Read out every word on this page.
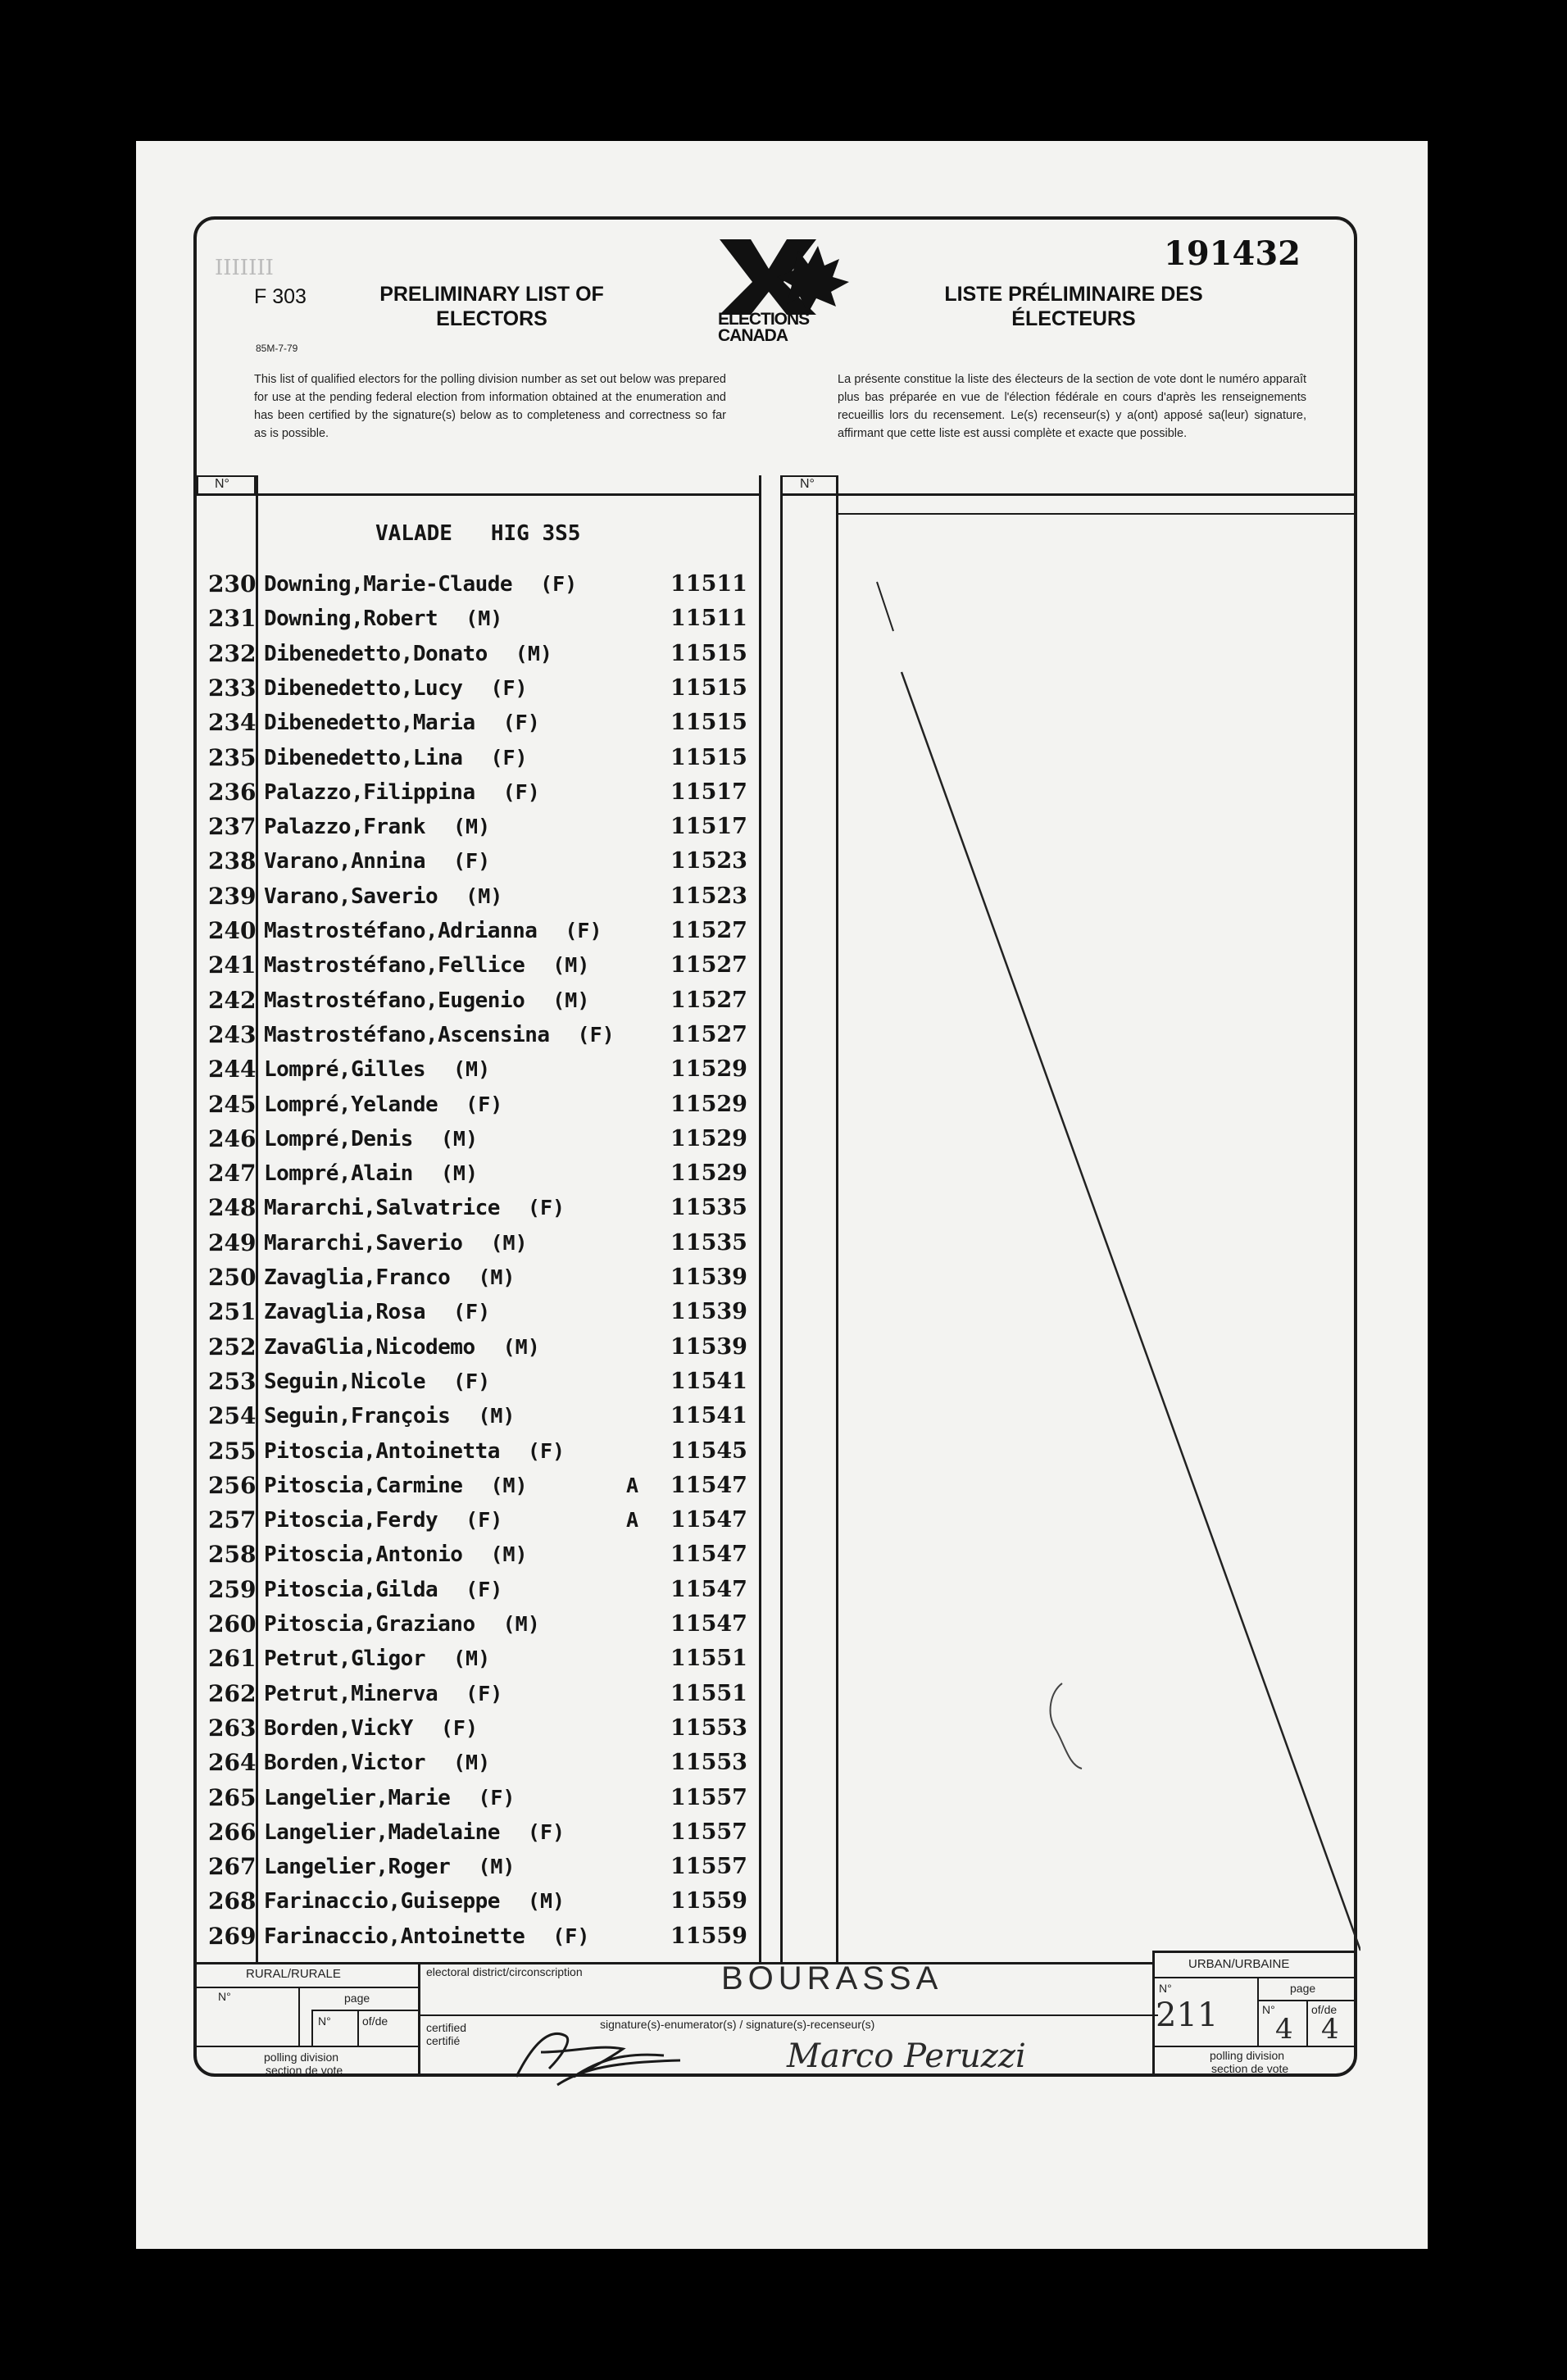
IIIIIII
F 303
85M-7-79
PRELIMINARY LIST OF
ELECTORS	ELECTIONS
CANADA
LISTE PRÉLIMINAIRE DES
ÉLECTEURS
191432
This list of qualified electors for the polling division number as set out below was prepared for use at the pending federal election from information obtained at the enumeration and has been certified by the signature(s) below as to completeness and correctness so far as is possible.
La présente constitue la liste des électeurs de la section de vote dont le numéro apparaît plus bas préparée en vue de l'élection fédérale en cours d'après les renseignements recueillis lors du recensement. Le(s) recenseur(s) y a(ont) apposé sa(leur) signature, affirmant que cette liste est aussi complète et exacte que possible.
N°	N°
VALADE   HIG 3S5
230 Downing,Marie-Claude (F)	11511
231 Downing,Robert (M)	11511
232 Dibenedetto,Donato (M)	11515
233 Dibenedetto,Lucy (F)	11515
234 Dibenedetto,Maria (F)	11515
235 Dibenedetto,Lina (F)	11515
236 Palazzo,Filippina (F)	11517
237 Palazzo,Frank (M)	11517
238 Varano,Annina (F)	11523
239 Varano,Saverio (M)	11523
240 Mastrostéfano,Adrianna (F)	11527
241 Mastrostéfano,Fellice (M)	11527
242 Mastrostéfano,Eugenio (M)	11527
243 Mastrostéfano,Ascensina (F)	11527
244 Lompré,Gilles (M)	11529
245 Lompré,Yelande (F)	11529
246 Lompré,Denis (M)	11529
247 Lompré,Alain (M)	11529
248 Mararchi,Salvatrice (F)	11535
249 Mararchi,Saverio (M)	11535
250 Zavaglia,Franco (M)	11539
251 Zavaglia,Rosa (F)	11539
252 ZavaGlia,Nicodemo (M)	11539
253 Seguin,Nicole (F)	11541
254 Seguin,François (M)	11541
255 Pitoscia,Antoinetta (F)	11545
256 Pitoscia,Carmine (M)	A 11547
257 Pitoscia,Ferdy (F)	A 11547
258 Pitoscia,Antonio (M)	11547
259 Pitoscia,Gilda (F)	11547
260 Pitoscia,Graziano (M)	11547
261 Petrut,Gligor (M)	11551
262 Petrut,Minerva (F)	11551
263 Borden,VickY (F)	11553
264 Borden,Victor (M)	11553
265 Langelier,Marie (F)	11557
266 Langelier,Madelaine (F)	11557
267 Langelier,Roger (M)	11557
268 Farinaccio,Guiseppe (M)	11559
269 Farinaccio,Antoinette (F)	11559
RURAL/RURALE
N°	page
N°	of/de
polling division
section de vote
electoral district/circonscription	BOURASSA
certified
certifié
signature(s)-enumerator(s) / signature(s)-recenseur(s)
Marco Peruzzi
URBAN/URBAINE
N°	page
N°	of/de
211 4 4
polling division
section de vote
